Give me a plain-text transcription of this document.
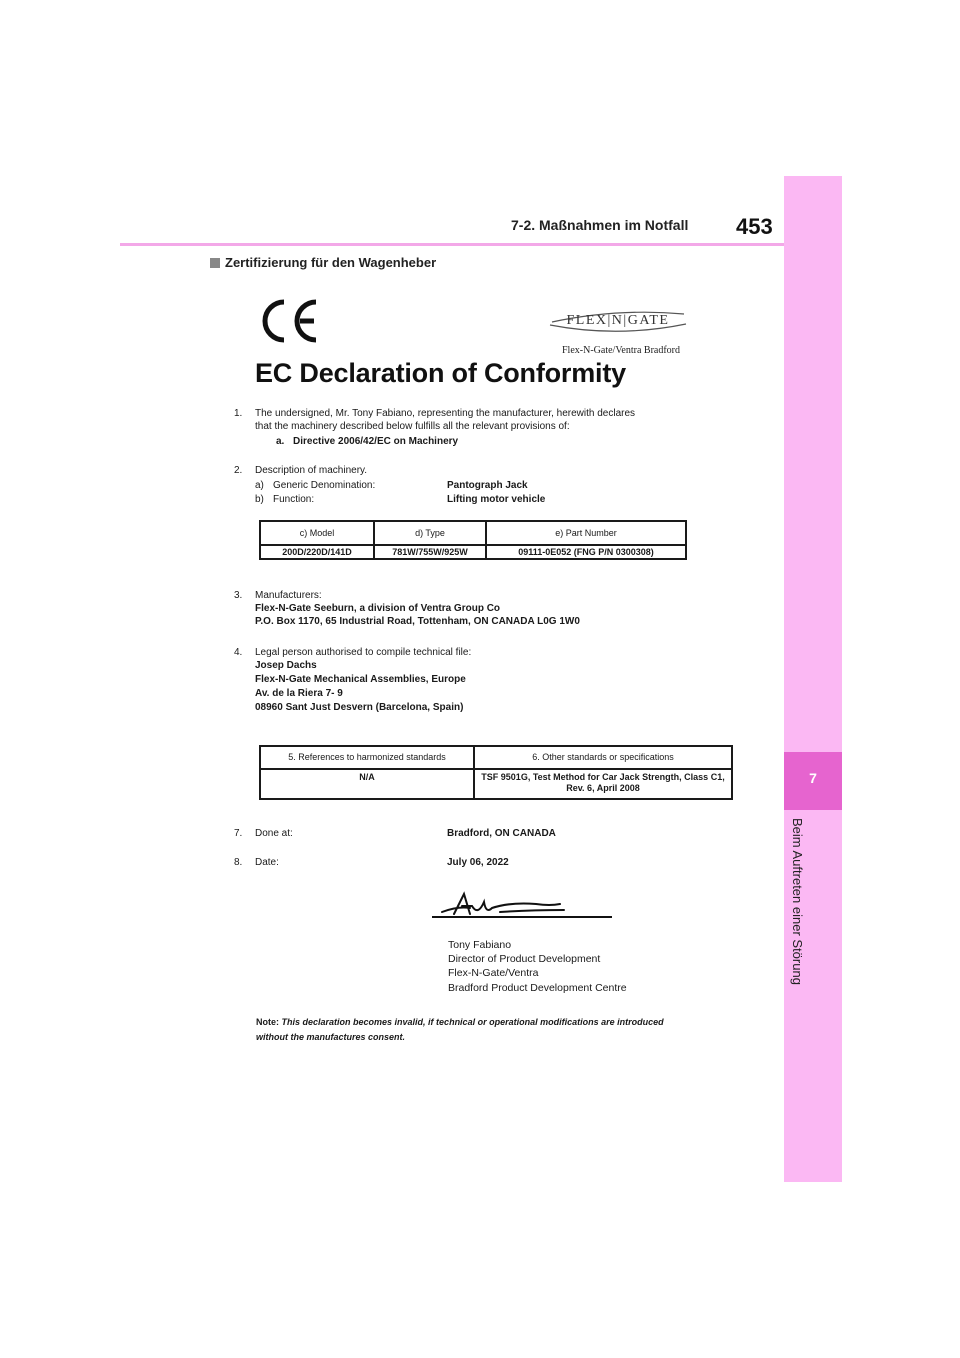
7-2. Maßnahmen im Notfall 453
7
Beim Auftreten einer Störung
Zertifizierung für den Wagenheber
CE
FLEX|N|GATE
Flex-N-Gate/Ventra Bradford
EC Declaration of Conformity
1. The undersigned, Mr. Tony Fabiano, representing the manufacturer, herewith declares
that the machinery described below fulfills all the relevant provisions of:
a. Directive 2006/42/EC on Machinery
2. Description of machinery.
a) Generic Denomination:	Pantograph Jack
b) Function:	Lifting motor vehicle
c) Model	d) Type	e) Part Number
200D/220D/141D	781W/755W/925W	09111-0E052 (FNG P/N 0300308)
3. Manufacturers:
Flex-N-Gate Seeburn, a division of Ventra Group Co
P.O. Box 1170, 65 Industrial Road, Tottenham, ON CANADA L0G 1W0
4. Legal person authorised to compile technical file:
Josep Dachs
Flex-N-Gate Mechanical Assemblies, Europe
Av. de la Riera 7- 9
08960 Sant Just Desvern (Barcelona, Spain)
5. References to harmonized standards	6. Other standards or specifications
N/A	TSF 9501G, Test Method for Car Jack Strength, Class C1,
Rev. 6, April 2008
7. Done at:	Bradford, ON CANADA
8. Date:	July 06, 2022
Tony Fabiano
Director of Product Development
Flex-N-Gate/Ventra
Bradford Product Development Centre
Note: This declaration becomes invalid, if technical or operational modifications are introduced
without the manufactures consent.
